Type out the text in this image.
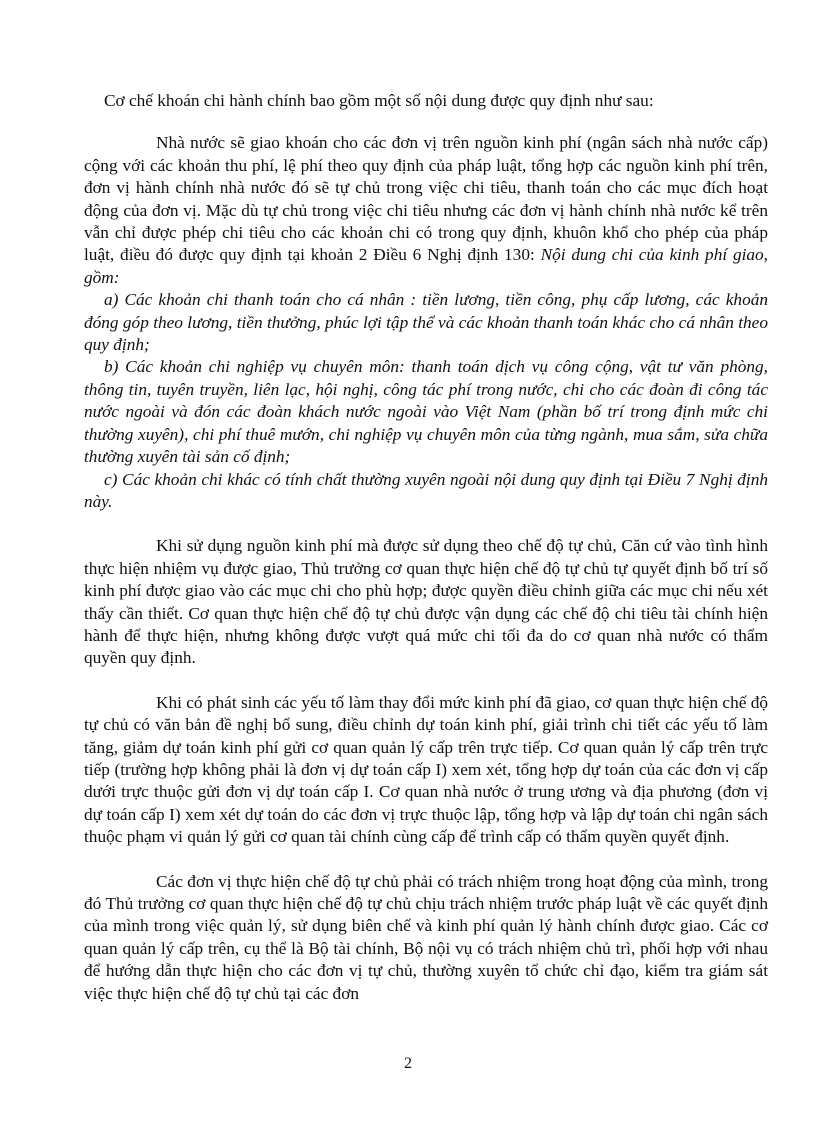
Cơ chế khoán chi hành chính bao gồm một số nội dung được quy định như sau:

Nhà nước sẽ giao khoán cho các đơn vị trên nguồn kinh phí (ngân sách nhà nước cấp) cộng với các khoản thu phí, lệ phí theo quy định của pháp luật, tổng hợp các nguồn kinh phí trên, đơn vị hành chính nhà nước đó sẽ tự chủ trong việc chi tiêu, thanh toán cho các mục đích hoạt động của đơn vị. Mặc dù tự chủ trong việc chi tiêu nhưng các đơn vị hành chính nhà nước kể trên vẫn chỉ được phép chi tiêu cho các khoản chi có trong quy định, khuôn khổ cho phép của pháp luật, điều đó được quy định tại khoản 2 Điều 6 Nghị định 130: Nội dung chi của kinh phí giao, gồm:

a) Các khoản chi thanh toán cho cá nhân : tiền lương, tiền công, phụ cấp lương, các khoản đóng góp theo lương, tiền thưởng, phúc lợi tập thể và các khoản thanh toán khác cho cá nhân theo quy định;

b) Các khoản chi nghiệp vụ chuyên môn: thanh toán dịch vụ công cộng, vật tư văn phòng, thông tin, tuyên truyền, liên lạc, hội nghị, công tác phí trong nước, chi cho các đoàn đi công tác nước ngoài và đón các đoàn khách nước ngoài vào Việt Nam (phần bố trí trong định mức chi thường xuyên), chi phí thuê mướn, chi nghiệp vụ chuyên môn của từng ngành, mua sắm, sửa chữa thường xuyên tài sản cố định;

c) Các khoản chi khác có tính chất thường xuyên ngoài nội dung quy định tại Điều 7 Nghị định này.

Khi sử dụng nguồn kinh phí mà được sử dụng theo chế độ tự chủ, Căn cứ vào tình hình thực hiện nhiệm vụ được giao, Thủ trưởng cơ quan thực hiện chế độ tự chủ tự quyết định bố trí số kinh phí được giao vào các mục chi cho phù hợp; được quyền điều chỉnh giữa các mục chi nếu xét thấy cần thiết. Cơ quan thực hiện chế độ tự chủ được vận dụng các chế độ chi tiêu tài chính hiện hành để thực hiện, nhưng không được vượt quá mức chi tối đa do cơ quan nhà nước có thẩm quyền quy định.

Khi có phát sinh các yếu tố làm thay đổi mức kinh phí đã giao, cơ quan thực hiện chế độ tự chủ có văn bản đề nghị bổ sung, điều chỉnh dự toán kinh phí, giải trình chi tiết các yếu tố làm tăng, giảm dự toán kinh phí gửi cơ quan quản lý cấp trên trực tiếp. Cơ quan quản lý cấp trên trực tiếp (trường hợp không phải là đơn vị dự toán cấp I) xem xét, tổng hợp dự toán của các đơn vị cấp dưới trực thuộc gửi đơn vị dự toán cấp I. Cơ quan nhà nước ở trung ương và địa phương (đơn vị dự toán cấp I) xem xét dự toán do các đơn vị trực thuộc lập, tổng hợp và lập dự toán chi ngân sách thuộc phạm vi quản lý gửi cơ quan tài chính cùng cấp để trình cấp có thẩm quyền quyết định.

Các đơn vị thực hiện chế độ tự chủ phải có trách nhiệm trong hoạt động của mình, trong đó Thủ trưởng cơ quan thực hiện chế độ tự chủ chịu trách nhiệm trước pháp luật về các quyết định của mình trong việc quản lý, sử dụng biên chế và kinh phí quản lý hành chính được giao. Các cơ quan quản lý cấp trên, cụ thể là Bộ tài chính, Bộ nội vụ có trách nhiệm chủ trì, phối hợp với nhau để hướng dẫn thực hiện cho các đơn vị tự chủ, thường xuyên tổ chức chỉ đạo, kiểm tra giám sát việc thực hiện chế độ tự chủ tại các đơn

2
